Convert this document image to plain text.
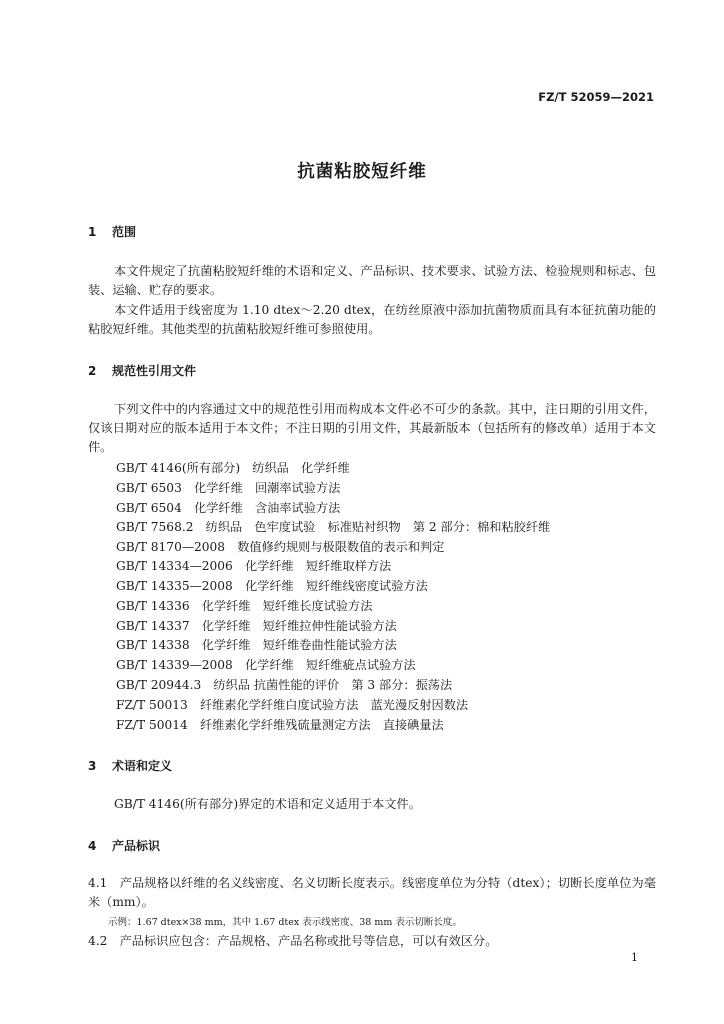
FZ/T 52059—2021
抗菌粘胶短纤维
1 范围
本文件规定了抗菌粘胶短纤维的术语和定义、产品标识、技术要求、试验方法、检验规则和标志、包装、运输、贮存的要求。
本文件适用于线密度为 1.10 dtex～2.20 dtex，在纺丝原液中添加抗菌物质而具有本征抗菌功能的粘胶短纤维。其他类型的抗菌粘胶短纤维可参照使用。
2 规范性引用文件
下列文件中的内容通过文中的规范性引用而构成本文件必不可少的条款。其中，注日期的引用文件，仅该日期对应的版本适用于本文件；不注日期的引用文件，其最新版本（包括所有的修改单）适用于本文件。
GB/T 4146(所有部分)　纺织品　化学纤维
GB/T 6503　化学纤维　回潮率试验方法
GB/T 6504　化学纤维　含油率试验方法
GB/T 7568.2　纺织品　色牢度试验　标准贴衬织物　第 2 部分：棉和粘胶纤维
GB/T 8170—2008　数值修约规则与极限数值的表示和判定
GB/T 14334—2006　化学纤维　短纤维取样方法
GB/T 14335—2008　化学纤维　短纤维线密度试验方法
GB/T 14336　化学纤维　短纤维长度试验方法
GB/T 14337　化学纤维　短纤维拉伸性能试验方法
GB/T 14338　化学纤维　短纤维卷曲性能试验方法
GB/T 14339—2008　化学纤维　短纤维疵点试验方法
GB/T 20944.3　纺织品 抗菌性能的评价　第 3 部分：振荡法
FZ/T 50013　纤维素化学纤维白度试验方法　蓝光漫反射因数法
FZ/T 50014　纤维素化学纤维残硫量测定方法　直接碘量法
3 术语和定义
GB/T 4146(所有部分)界定的术语和定义适用于本文件。
4 产品标识
4.1　产品规格以纤维的名义线密度、名义切断长度表示。线密度单位为分特（dtex）；切断长度单位为毫米（mm）。
示例：1.67 dtex×38 mm，其中 1.67 dtex 表示线密度、38 mm 表示切断长度。
4.2　产品标识应包含：产品规格、产品名称或批号等信息，可以有效区分。
1
